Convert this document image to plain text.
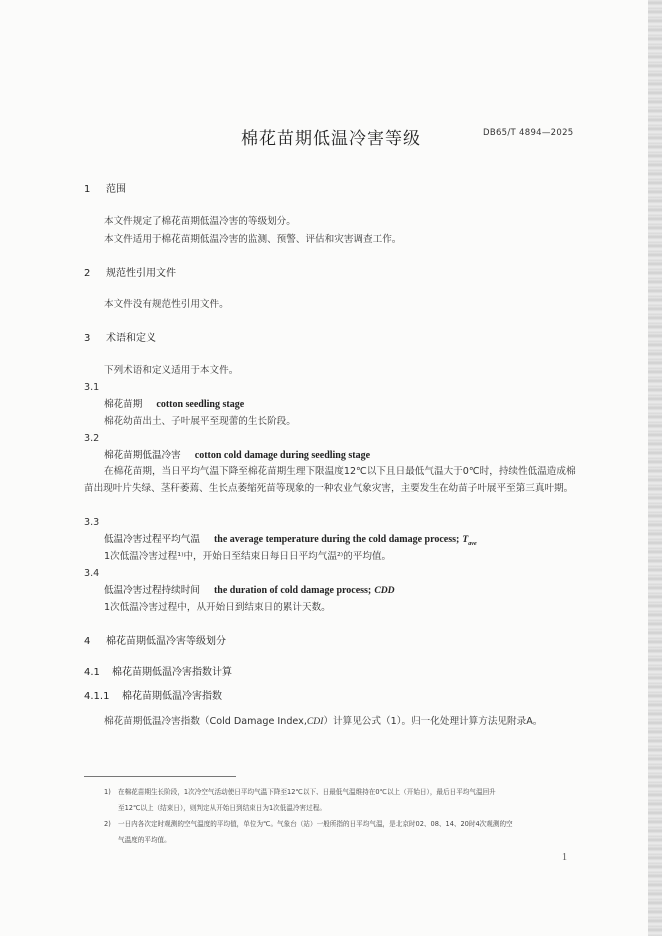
DB65/T 4894—2025
棉花苗期低温冷害等级
1 范围
本文件规定了棉花苗期低温冷害的等级划分。
本文件适用于棉花苗期低温冷害的监测、预警、评估和灾害调查工作。
2 规范性引用文件
本文件没有规范性引用文件。
3 术语和定义
下列术语和定义适用于本文件。
3.1
棉花苗期 cotton seedling stage
棉花幼苗出土、子叶展平至现蕾的生长阶段。
3.2
棉花苗期低温冷害 cotton cold damage during seedling stage
在棉花苗期，当日平均气温下降至棉花苗期生理下限温度12℃以下且日最低气温大于0℃时，持续性低温造成棉苗出现叶片失绿、茎秆萎蔫、生长点萎缩死苗等现象的一种农业气象灾害，主要发生在幼苗子叶展平至第三真叶期。
3.3
低温冷害过程平均气温 the average temperature during the cold damage process; $T_{ave}$
1次低温冷害过程¹⁾中，开始日至结束日每日日平均气温²⁾的平均值。
3.4
低温冷害过程持续时间 the duration of cold damage process; CDD
1次低温冷害过程中，从开始日到结束日的累计天数。
4 棉花苗期低温冷害等级划分
4.1 棉花苗期低温冷害指数计算
4.1.1 棉花苗期低温冷害指数
棉花苗期低温冷害指数（Cold Damage Index,CDI）计算见公式（1）。归一化处理计算方法见附录A。
1) 在棉花苗期生长阶段，1次冷空气活动使日平均气温下降至12℃以下、日最低气温维持在0℃以上（开始日），最后日平均气温回升
至12℃以上（结束日），则判定从开始日到结束日为1次低温冷害过程。
2) 一日内各次定时观测的空气温度的平均值，单位为℃。气象台（站）一般所指的日平均气温，是北京时02、08、14、20时4次观测的空
气温度的平均值。
1
